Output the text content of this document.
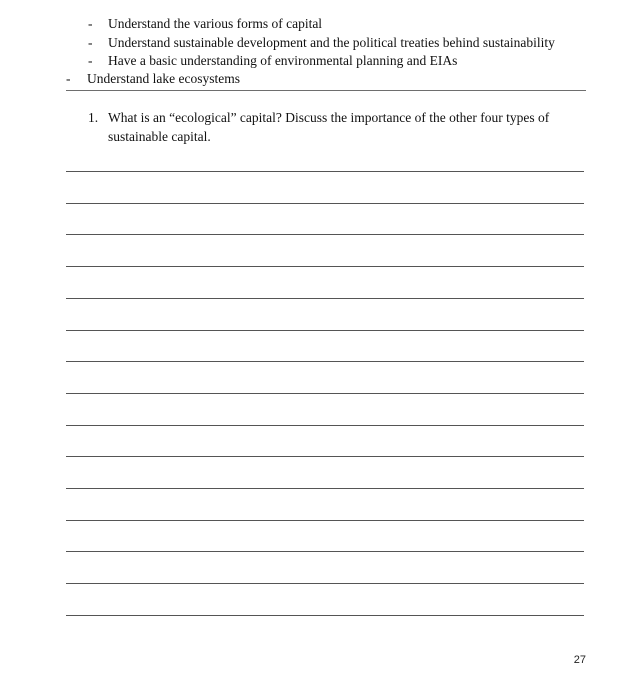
- Understand the various forms of capital
- Understand sustainable development and the political treaties behind sustainability
- Have a basic understanding of environmental planning and EIAs
- Understand lake ecosystems
1. What is an “ecological” capital? Discuss the importance of the other four types of sustainable capital.
27
